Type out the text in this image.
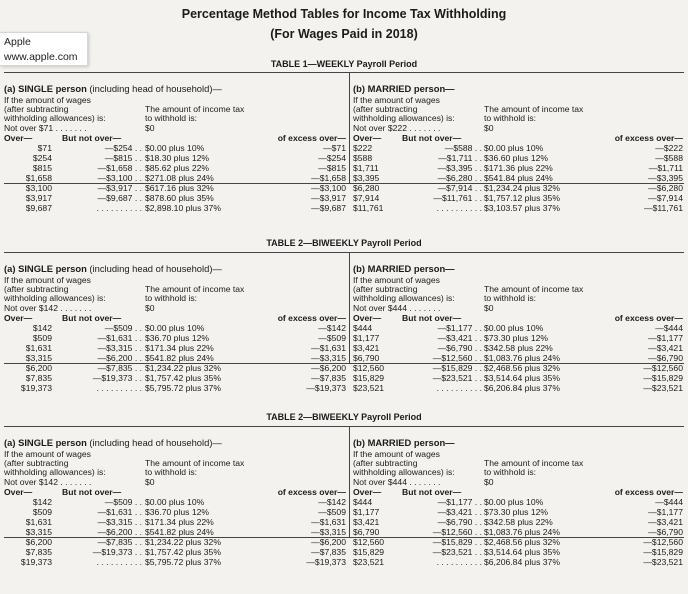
Percentage Method Tables for Income Tax Withholding
(For Wages Paid in 2018)
Apple
www.apple.com
TABLE 1—WEEKLY Payroll Period
(a) SINGLE person (including head of household)—
If the amount of wages
(after subtracting
withholding allowances) is:
The amount of income tax
to withhold is:
Not over $71 . . . . . . .	$0
Over—	But not over—	of excess over—
$71	—$254 . . $0.00 plus 10%	—$71
$254	—$815 . . $18.30 plus 12%	—$254
$815	—$1,658 . . $85.62 plus 22%	—$815
$1,658	—$3,100 . . $271.08 plus 24%	—$1,658
$3,100	—$3,917 . . $617.16 plus 32%	—$3,100
$3,917	—$9,687 . . $878.60 plus 35%	—$3,917
$9,687	. . . . . . . . . . $2,898.10 plus 37%	—$9,687
(b) MARRIED person—
If the amount of wages
(after subtracting
withholding allowances) is:
The amount of income tax
to withhold is:
Not over $222 . . . . . . .	$0
Over— But not over—	of excess over—
$222	—$588 . . $0.00 plus 10%	—$222
$588	—$1,711 . . $36.60 plus 12%	—$588
$1,711	—$3,395 . . $171.36 plus 22%	—$1,711
$3,395	—$6,280 . . $541.84 plus 24%	—$3,395
$6,280	—$7,914 . . $1,234.24 plus 32%	—$6,280
$7,914	—$11,761 . . $1,757.12 plus 35%	—$7,914
$11,761	. . . . . . . . . . $3,103.57 plus 37%	—$11,761
TABLE 2—BIWEEKLY Payroll Period
(a) SINGLE person (including head of household)—
If the amount of wages
(after subtracting
withholding allowances) is:
The amount of income tax
to withhold is:
Not over $142 . . . . . . .	$0
Over—	But not over—	of excess over—
$142	—$509 . . $0.00 plus 10%	—$142
$509	—$1,631 . . $36.70 plus 12%	—$509
$1,631	—$3,315 . . $171.34 plus 22%	—$1,631
$3,315	—$6,200 . . $541.82 plus 24%	—$3,315
$6,200	—$7,835 . . $1,234.22 plus 32%	—$6,200
$7,835	—$19,373 . . $1,757.42 plus 35%	—$7,835
$19,373	. . . . . . . . . . $5,795.72 plus 37%	—$19,373
(b) MARRIED person—
If the amount of wages
(after subtracting
withholding allowances) is:
The amount of income tax
to withhold is:
Not over $444 . . . . . . .	$0
Over— But not over—	of excess over—
$444	—$1,177 . . $0.00 plus 10%	—$444
$1,177	—$3,421 . . $73.30 plus 12%	—$1,177
$3,421	—$6,790 . . $342.58 plus 22%	—$3,421
$6,790	—$12,560 . . $1,083.76 plus 24%	—$6,790
$12,560	—$15,829 . . $2,468.56 plus 32%	—$12,560
$15,829	—$23,521 . . $3,514.64 plus 35%	—$15,829
$23,521	. . . . . . . . . . $6,206.84 plus 37%	—$23,521
TABLE 2—BIWEEKLY Payroll Period
(a) SINGLE person (including head of household)—
If the amount of wages
(after subtracting
withholding allowances) is:
The amount of income tax
to withhold is:
Not over $142 . . . . . . .	$0
Over—	But not over—	of excess over—
$142	—$509 . . $0.00 plus 10%	—$142
$509	—$1,631 . . $36.70 plus 12%	—$509
$1,631	—$3,315 . . $171.34 plus 22%	—$1,631
$3,315	—$6,200 . . $541.82 plus 24%	—$3,315
$6,200	—$7,835 . . $1,234.22 plus 32%	—$6,200
$7,835	—$19,373 . . $1,757.42 plus 35%	—$7,835
$19,373	. . . . . . . . . . $5,795.72 plus 37%	—$19,373
(b) MARRIED person—
If the amount of wages
(after subtracting
withholding allowances) is:
The amount of income tax
to withhold is:
Not over $444 . . . . . . .	$0
Over— But not over—	of excess over—
$444	—$1,177 . . $0.00 plus 10%	—$444
$1,177	—$3,421 . . $73.30 plus 12%	—$1,177
$3,421	—$6,790 . . $342.58 plus 22%	—$3,421
$6,790	—$12,560 . . $1,083.76 plus 24%	—$6,790
$12,560	—$15,829 . . $2,468.56 plus 32%	—$12,560
$15,829	—$23,521 . . $3,514.64 plus 35%	—$15,829
$23,521	. . . . . . . . . . $6,206.84 plus 37%	—$23,521
